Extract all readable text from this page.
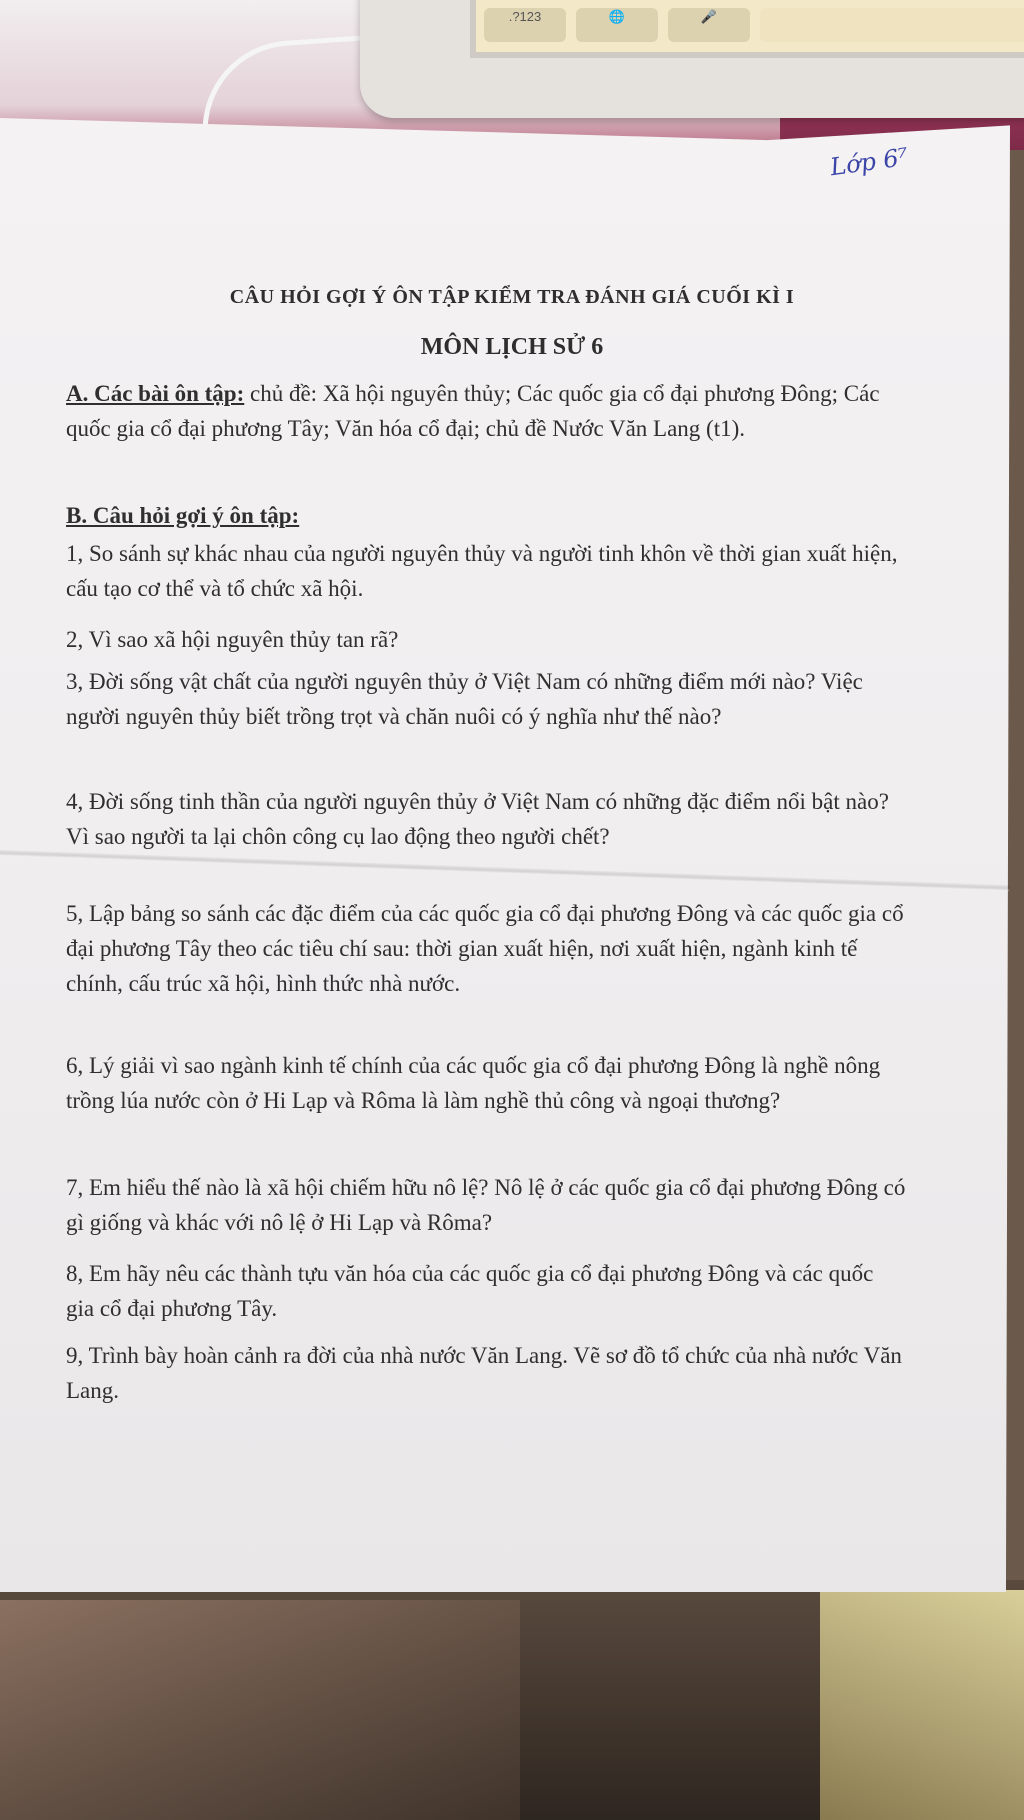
.?123	🌐	🎤
Lớp 6⁷
CÂU HỎI GỢI Ý ÔN TẬP KIỂM TRA ĐÁNH GIÁ CUỐI KÌ I
MÔN LỊCH SỬ 6
A. Các bài ôn tập: chủ đề: Xã hội nguyên thủy; Các quốc gia cổ đại phương Đông; Các quốc gia cổ đại phương Tây; Văn hóa cổ đại; chủ đề Nước Văn Lang (t1).
B. Câu hỏi gợi ý ôn tập:
1, So sánh sự khác nhau của người nguyên thủy và người tinh khôn về thời gian xuất hiện, cấu tạo cơ thể và tổ chức xã hội.
2, Vì sao xã hội nguyên thủy tan rã?
3, Đời sống vật chất của người nguyên thủy ở Việt Nam có những điểm mới nào? Việc người nguyên thủy biết trồng trọt và chăn nuôi có ý nghĩa như thế nào?
4, Đời sống tinh thần của người nguyên thủy ở Việt Nam có những đặc điểm nổi bật nào? Vì sao người ta lại chôn công cụ lao động theo người chết?
5, Lập bảng so sánh các đặc điểm của các quốc gia cổ đại phương Đông và các quốc gia cổ đại phương Tây theo các tiêu chí sau: thời gian xuất hiện, nơi xuất hiện, ngành kinh tế chính, cấu trúc xã hội, hình thức nhà nước.
6, Lý giải vì sao ngành kinh tế chính của các quốc gia cổ đại phương Đông là nghề nông trồng lúa nước còn ở Hi Lạp và Rôma là làm nghề thủ công và ngoại thương?
7, Em hiểu thế nào là xã hội chiếm hữu nô lệ? Nô lệ ở các quốc gia cổ đại phương Đông có gì giống và khác với nô lệ ở Hi Lạp và Rôma?
8, Em hãy nêu các thành tựu văn hóa của các quốc gia cổ đại phương Đông và các quốc gia cổ đại phương Tây.
9, Trình bày hoàn cảnh ra đời của nhà nước Văn Lang. Vẽ sơ đồ tổ chức của nhà nước Văn Lang.
